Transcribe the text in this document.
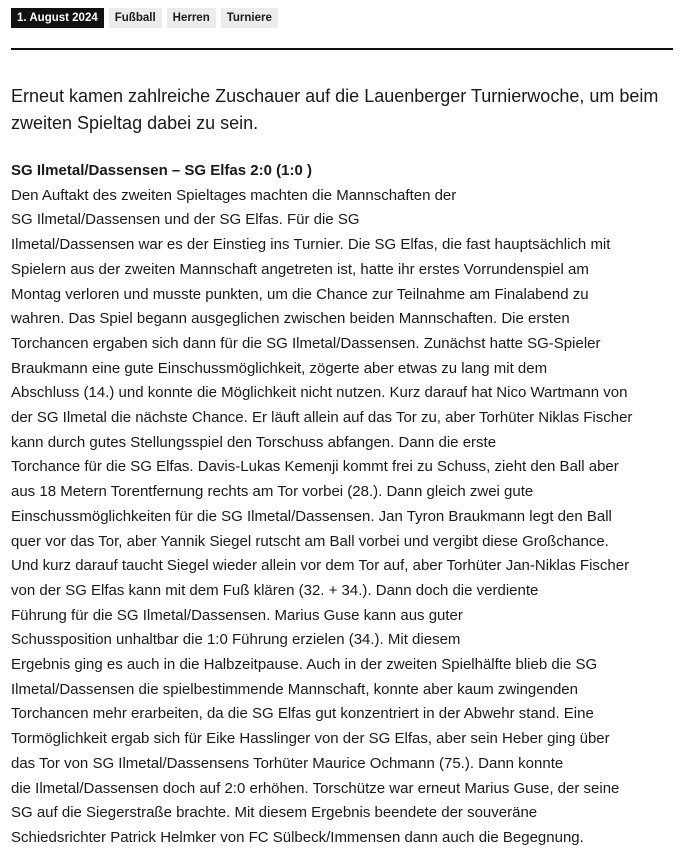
1. August 2024	Fußball	Herren	Turniere

Erneut kamen zahlreiche Zuschauer auf die Lauenberger Turnierwoche, um beim zweiten Spieltag dabei zu sein.

SG Ilmetal/Dassensen – SG Elfas 2:0 (1:0 )
Den Auftakt des zweiten Spieltages machten die Mannschaften der
SG Ilmetal/Dassensen und der SG Elfas. Für die SG
Ilmetal/Dassensen war es der Einstieg ins Turnier. Die SG Elfas, die fast hauptsächlich mit
Spielern aus der zweiten Mannschaft angetreten ist, hatte ihr erstes Vorrundenspiel am
Montag verloren und musste punkten, um die Chance zur Teilnahme am Finalabend zu
wahren. Das Spiel begann ausgeglichen zwischen beiden Mannschaften. Die ersten
Torchancen ergaben sich dann für die SG Ilmetal/Dassensen. Zunächst hatte SG-Spieler
Braukmann eine gute Einschussmöglichkeit, zögerte aber etwas zu lang mit dem
Abschluss (14.) und konnte die Möglichkeit nicht nutzen. Kurz darauf hat Nico Wartmann von
der SG Ilmetal die nächste Chance. Er läuft allein auf das Tor zu, aber Torhüter Niklas Fischer
kann durch gutes Stellungsspiel den Torschuss abfangen. Dann die erste
Torchance für die SG Elfas. Davis-Lukas Kemenji kommt frei zu Schuss, zieht den Ball aber
aus 18 Metern Torentfernung rechts am Tor vorbei (28.). Dann gleich zwei gute
Einschussmöglichkeiten für die SG Ilmetal/Dassensen. Jan Tyron Braukmann legt den Ball
quer vor das Tor, aber Yannik Siegel rutscht am Ball vorbei und vergibt diese Großchance.
Und kurz darauf taucht Siegel wieder allein vor dem Tor auf, aber Torhüter Jan-Niklas Fischer
von der SG Elfas kann mit dem Fuß klären (32. + 34.). Dann doch die verdiente
Führung für die SG Ilmetal/Dassensen. Marius Guse kann aus guter
Schussposition unhaltbar die 1:0 Führung erzielen (34.). Mit diesem
Ergebnis ging es auch in die Halbzeitpause. Auch in der zweiten Spielhälfte blieb die SG
Ilmetal/Dassensen die spielbestimmende Mannschaft, konnte aber kaum zwingenden
Torchancen mehr erarbeiten, da die SG Elfas gut konzentriert in der Abwehr stand. Eine
Tormöglichkeit ergab sich für Eike Hasslinger von der SG Elfas, aber sein Heber ging über
das Tor von SG Ilmetal/Dassensens Torhüter Maurice Ochmann (75.). Dann konnte
die Ilmetal/Dassensen doch auf 2:0 erhöhen. Torschütze war erneut Marius Guse, der seine
SG auf die Siegerstraße brachte. Mit diesem Ergebnis beendete der souveräne
Schiedsrichter Patrick Helmker von FC Sülbeck/Immensen dann auch die Begegnung.
